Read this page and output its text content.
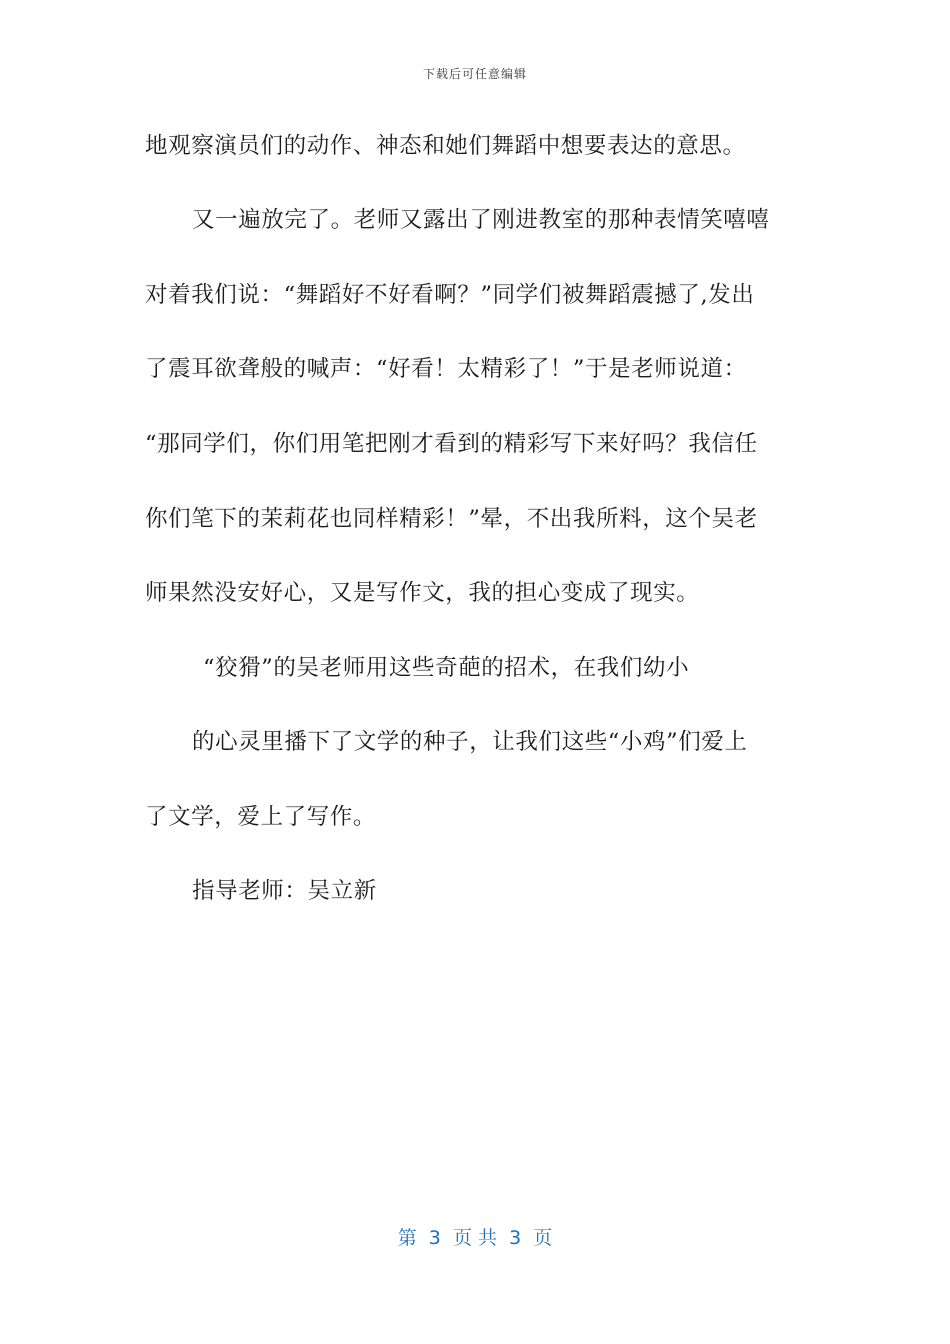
下载后可任意编辑
地观察演员们的动作、神态和她们舞蹈中想要表达的意思。
又一遍放完了。老师又露出了刚进教室的那种表情笑嘻嘻
对着我们说：“舞蹈好不好看啊？”同学们被舞蹈震撼了,发出
了震耳欲聋般的喊声：“好看！太精彩了！”于是老师说道：
“那同学们，你们用笔把刚才看到的精彩写下来好吗？我信任
你们笔下的茉莉花也同样精彩！”晕，不出我所料，这个吴老
师果然没安好心，又是写作文，我的担心变成了现实。
“狡猾”的吴老师用这些奇葩的招术，在我们幼小
的心灵里播下了文学的种子，让我们这些“小鸡”们爱上
了文学，爱上了写作。
指导老师：吴立新
第  3  页 共  3  页
